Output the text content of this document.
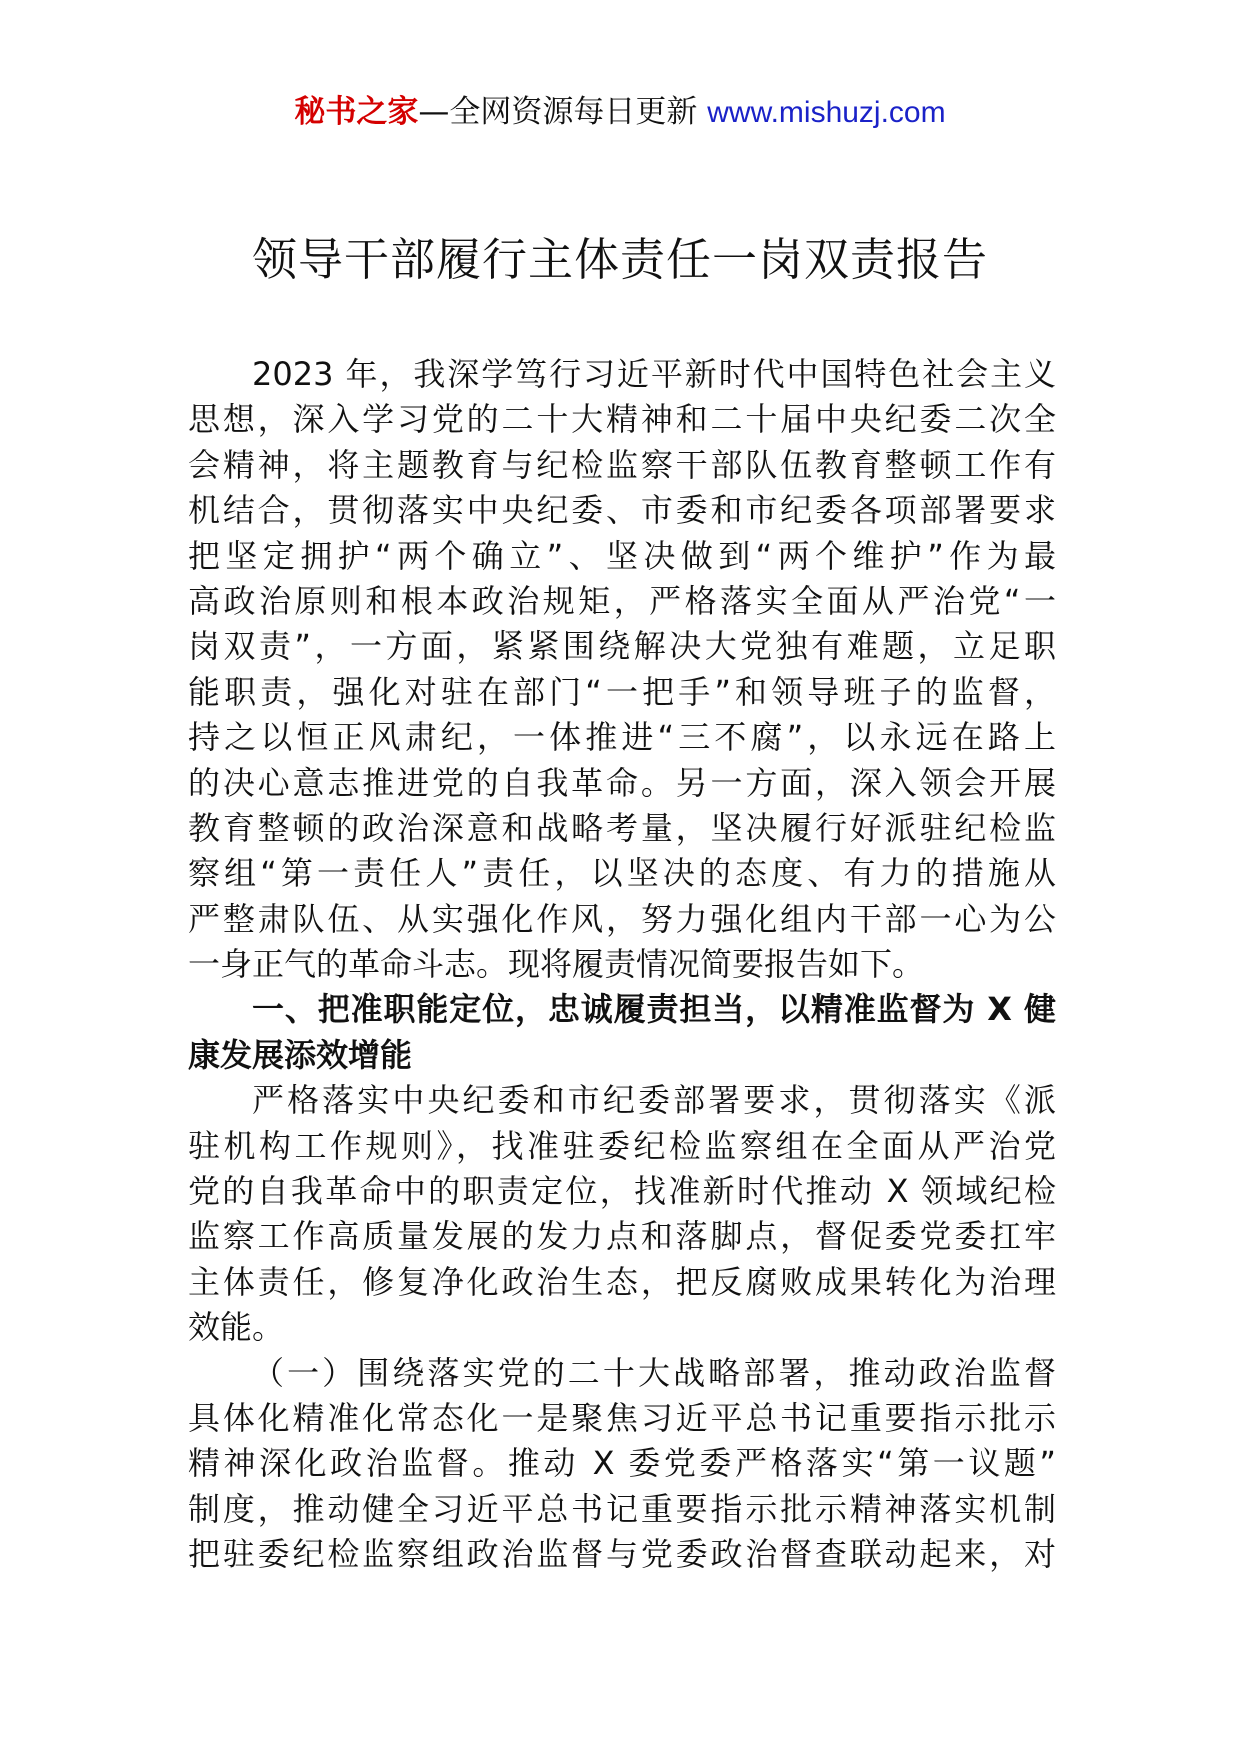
秘书之家—全网资源每日更新 www.mishuzj.com
领导干部履行主体责任一岗双责报告
2023 年，我深学笃行习近平新时代中国特色社会主义
思想，深入学习党的二十大精神和二十届中央纪委二次全
会精神，将主题教育与纪检监察干部队伍教育整顿工作有
机结合，贯彻落实中央纪委、市委和市纪委各项部署要求
把坚定拥护“两个确立”、坚决做到“两个维护”作为最
高政治原则和根本政治规矩，严格落实全面从严治党“一
岗双责”，一方面，紧紧围绕解决大党独有难题，立足职
能职责，强化对驻在部门“一把手”和领导班子的监督，
持之以恒正风肃纪，一体推进“三不腐”，以永远在路上
的决心意志推进党的自我革命。另一方面，深入领会开展
教育整顿的政治深意和战略考量，坚决履行好派驻纪检监
察组“第一责任人”责任，以坚决的态度、有力的措施从
严整肃队伍、从实强化作风，努力强化组内干部一心为公
一身正气的革命斗志。现将履责情况简要报告如下。
一、把准职能定位，忠诚履责担当，以精准监督为 X 健
康发展添效增能
严格落实中央纪委和市纪委部署要求，贯彻落实《派
驻机构工作规则》，找准驻委纪检监察组在全面从严治党
党的自我革命中的职责定位，找准新时代推动 X 领域纪检
监察工作高质量发展的发力点和落脚点，督促委党委扛牢
主体责任，修复净化政治生态，把反腐败成果转化为治理
效能。
（一）围绕落实党的二十大战略部署，推动政治监督
具体化精准化常态化一是聚焦习近平总书记重要指示批示
精神深化政治监督。推动 X 委党委严格落实“第一议题”
制度，推动健全习近平总书记重要指示批示精神落实机制
把驻委纪检监察组政治监督与党委政治督查联动起来，对
